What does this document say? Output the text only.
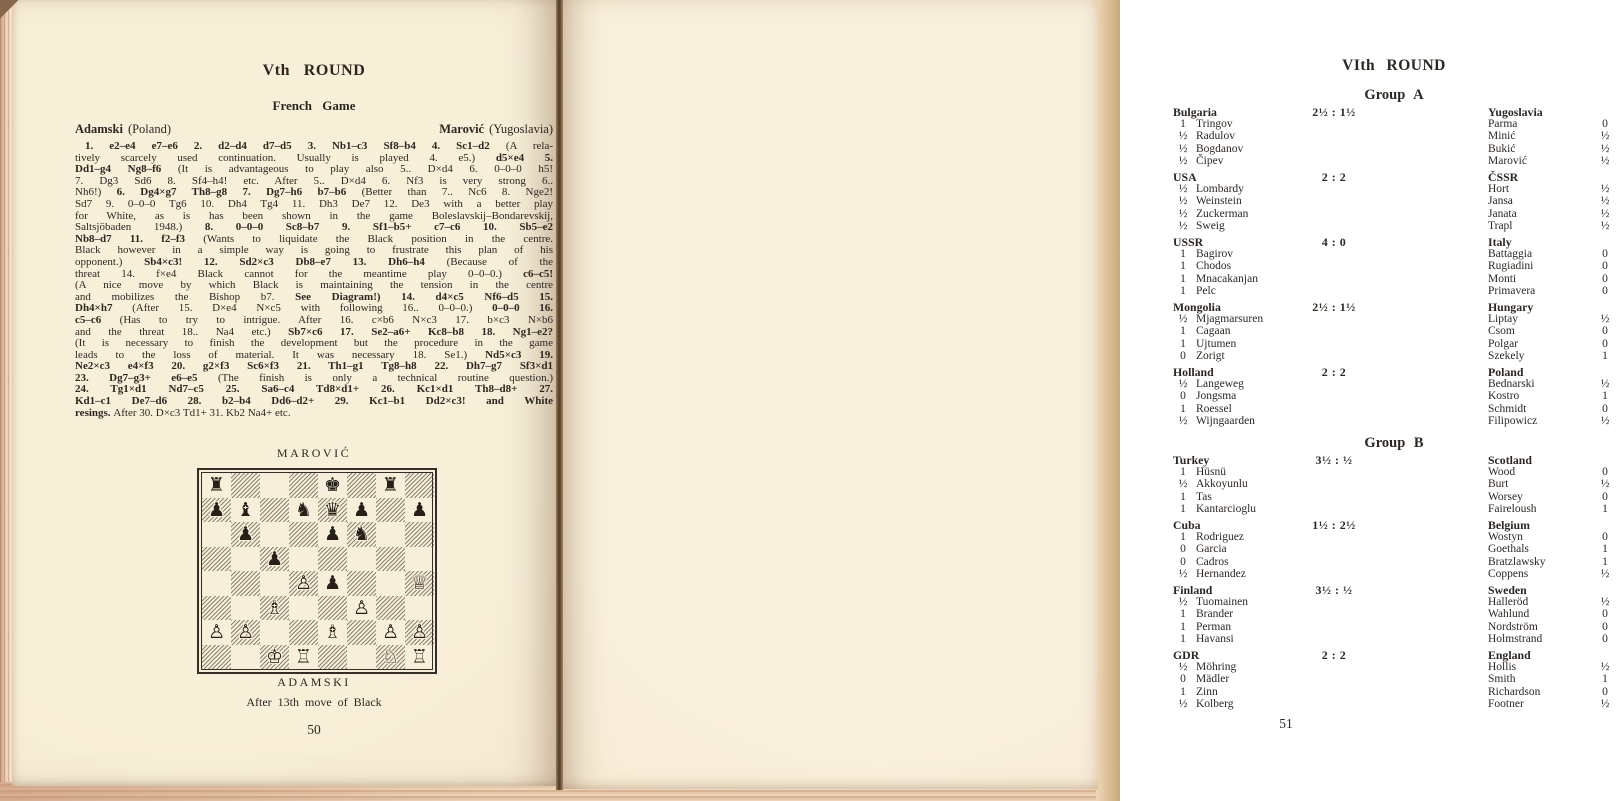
Vth ROUND
French Game
Adamski (Poland)	Marović (Yugoslavia)
1. e2–e4 e7–e6 2. d2–d4 d7–d5 3. Nb1–c3 Sf8–b4 4. Sc1–d2 (A rela-
tively scarcely used continuation. Usually is played 4. e5.) d5×e4 5.
Dd1–g4 Ng8–f6 (It is advantageous to play also 5.. D×d4 6. 0–0–0 h5!
7. Dg3 Sd6 8. Sf4–h4! etc. After 5.. D×d4 6. Nf3 is very strong 6..
Nh6!) 6. Dg4×g7 Th8–g8 7. Dg7–h6 b7–b6 (Better than 7.. Nc6 8. Nge2!
Sd7 9. 0–0–0 Tg6 10. Dh4 Tg4 11. Dh3 De7 12. De3 with a better play
for White, as is has been shown in the game Boleslavskij–Bondarevskij,
Saltsjöbaden 1948.) 8. 0–0–0 Sc8–b7 9. Sf1–b5+ c7–c6 10. Sb5–e2
Nb8–d7 11. f2–f3 (Wants to liquidate the Black position in the centre.
Black however in a simple way is going to frustrate this plan of his
opponent.) Sb4×c3! 12. Sd2×c3 Db8–e7 13. Dh6–h4 (Because of the
threat 14. f×e4 Black cannot for the meantime play 0–0–0.) c6–c5!
(A nice move by which Black is maintaining the tension in the centre
and mobilizes the Bishop b7. See Diagram!) 14. d4×c5 Nf6–d5 15.
Dh4×h7 (After 15. D×e4 N×c5 with following 16.. 0–0–0.) 0–0–0 16.
c5–c6 (Has to try to intrigue. After 16. c×b6 N×c3 17. b×c3 N×b6
and the threat 18.. Na4 etc.) Sb7×c6 17. Se2–a6+ Kc8–b8 18. Ng1–e2?
(It is necessary to finish the development but the procedure in the game
leads to the loss of material. It was necessary 18. Se1.) Nd5×c3 19.
Ne2×c3 e4×f3 20. g2×f3 Sc6×f3 21. Th1–g1 Tg8–h8 22. Dh7–g7 Sf3×d1
23. Dg7–g3+ e6–e5 (The finish is only a technical routine question.)
24. Tg1×d1 Nd7–c5 25. Sa6–c4 Td8×d1+ 26. Kc1×d1 Th8–d8+ 27.
Kd1–c1 De7–d6 28. b2–b4 Dd6–d2+ 29. Kc1–b1 Dd2×c3! and White
resings. After 30. D×c3 Td1+ 31. Kb2 Na4+ etc.
MAROVIĆ
♜	♚	♜
♟ ♝	♞ ♛ ♟	♟
♟	♟ ♞
♟
♙ ♟	♕
♗	♙
♙ ♙	♗	♙ ♙
♔ ♖	♘ ♖
ADAMSKI
After 13th move of Black
50
VIth ROUND
Group A
Bulgaria	2½ : 1½	Yugoslavia
1 Tringov	Parma	0
½ Radulov	Minić	½
½ Bogdanov	Bukić	½
½ Čipev	Marović	½
USA	2 : 2	ČSSR
½ Lombardy	Hort	½
½ Weinstein	Jansa	½
½ Zuckerman	Janata	½
½ Sweig	Trapl	½
USSR	4 : 0	Italy
1 Bagirov	Battaggia	0
1 Chodos	Rugiadini	0
1 Mnacakanjan	Monti	0
1 Pelc	Primavera	0
Mongolia	2½ : 1½	Hungary
½ Mjagmarsuren	Liptay	½
1 Cagaan	Csom	0
1 Ujtumen	Polgar	0
0 Zorigt	Szekely	1
Holland	2 : 2	Poland
½ Langeweg	Bednarski	½
0 Jongsma	Kostro	1
1 Roessel	Schmidt	0
½ Wijngaarden	Filipowicz	½
Group B
Turkey	3½ : ½	Scotland
1 Hüsnü	Wood	0
½ Akkoyunlu	Burt	½
1 Tas	Worsey	0
1 Kantarcioglu	Faireloush	1
Cuba	1½ : 2½	Belgium
1 Rodriguez	Wostyn	0
0 Garcia	Goethals	1
0 Cadros	Bratzlawsky	1
½ Hernandez	Coppens	½
Finland	3½ : ½	Sweden
½ Tuomainen	Halleröd	½
1 Brander	Wahlund	0
1 Perman	Nordström	0
1 Havansi	Holmstrand	0
GDR	2 : 2	England
½ Möhring	Hollis	½
0 Mädler	Smith	1
1 Zinn	Richardson	0
½ Kolberg	Footner	½
51
